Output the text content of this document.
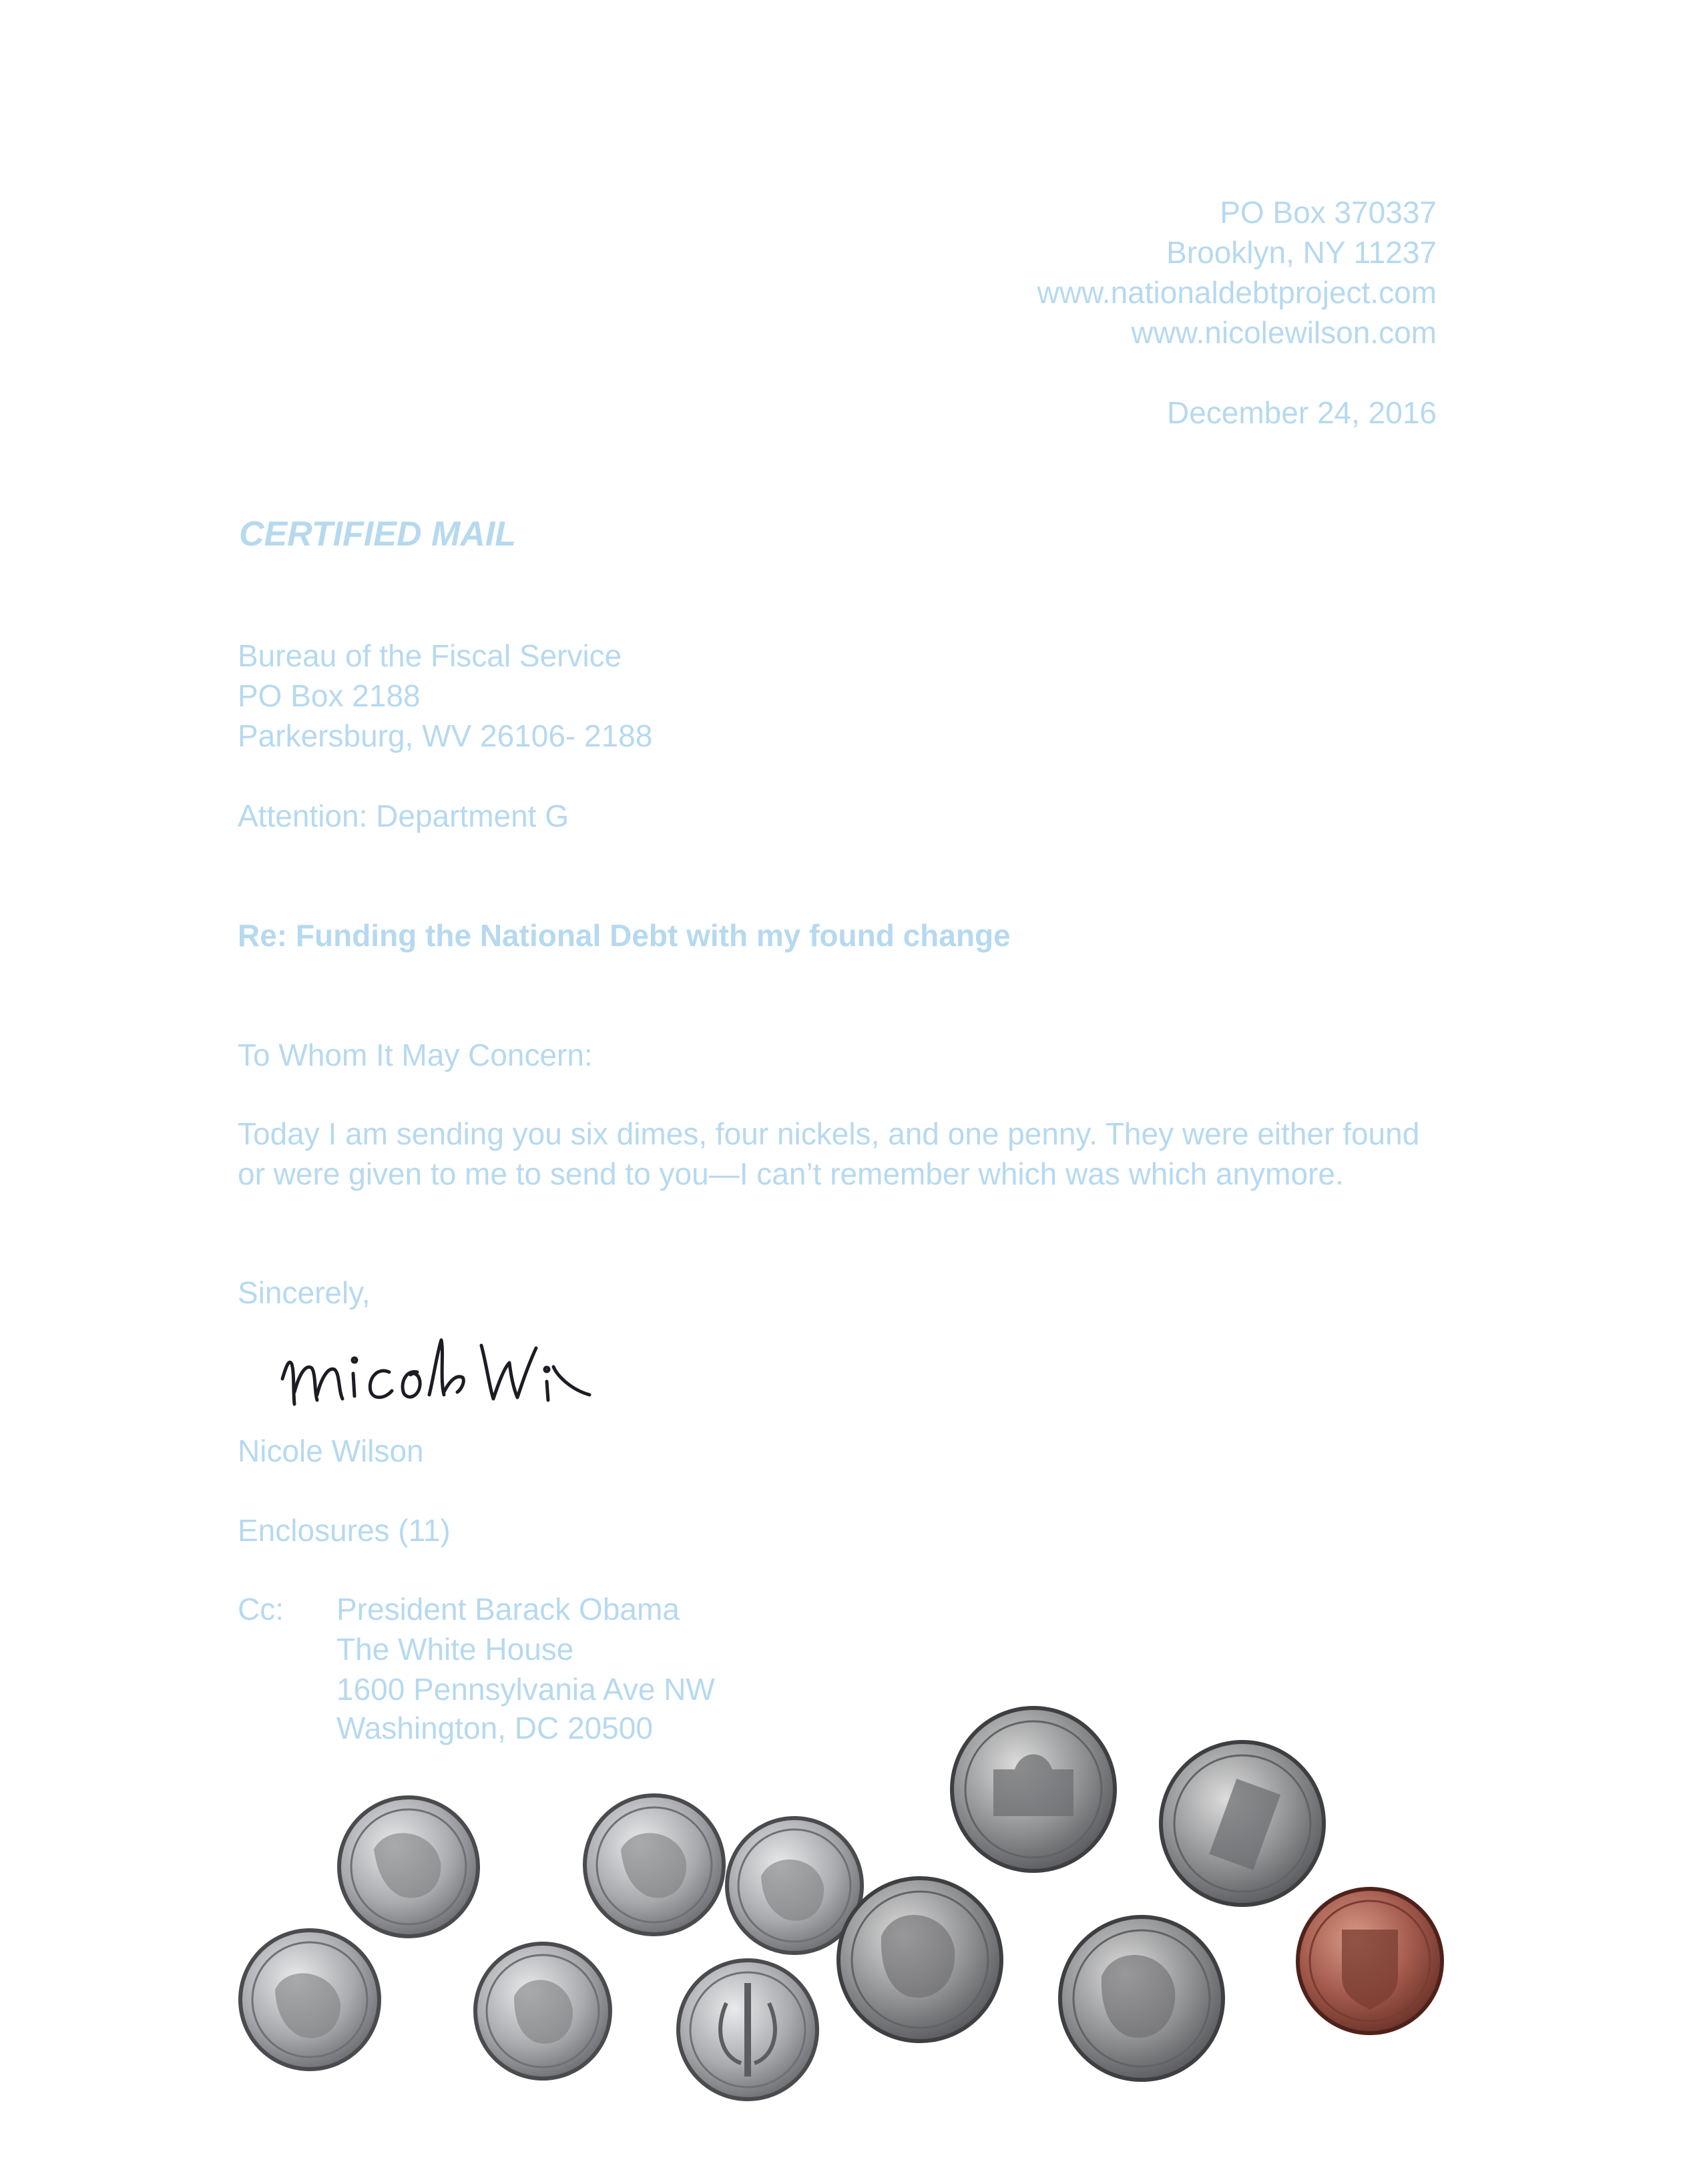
PO Box 370337
Brooklyn, NY 11237
www.nationaldebtproject.com
www.nicolewilson.com
December 24, 2016
CERTIFIED MAIL
Bureau of the Fiscal Service
PO Box 2188
Parkersburg, WV 26106- 2188
Attention: Department G
Re: Funding the National Debt with my found change
To Whom It May Concern:
Today I am sending you six dimes, four nickels, and one penny. They were either found or were given to me to send to you—I can’t remember which was which anymore.
Sincerely,
Nicole Wilson
Enclosures (11)
Cc: President Barack Obama
The White House
1600 Pennsylvania Ave NW
Washington, DC 20500
